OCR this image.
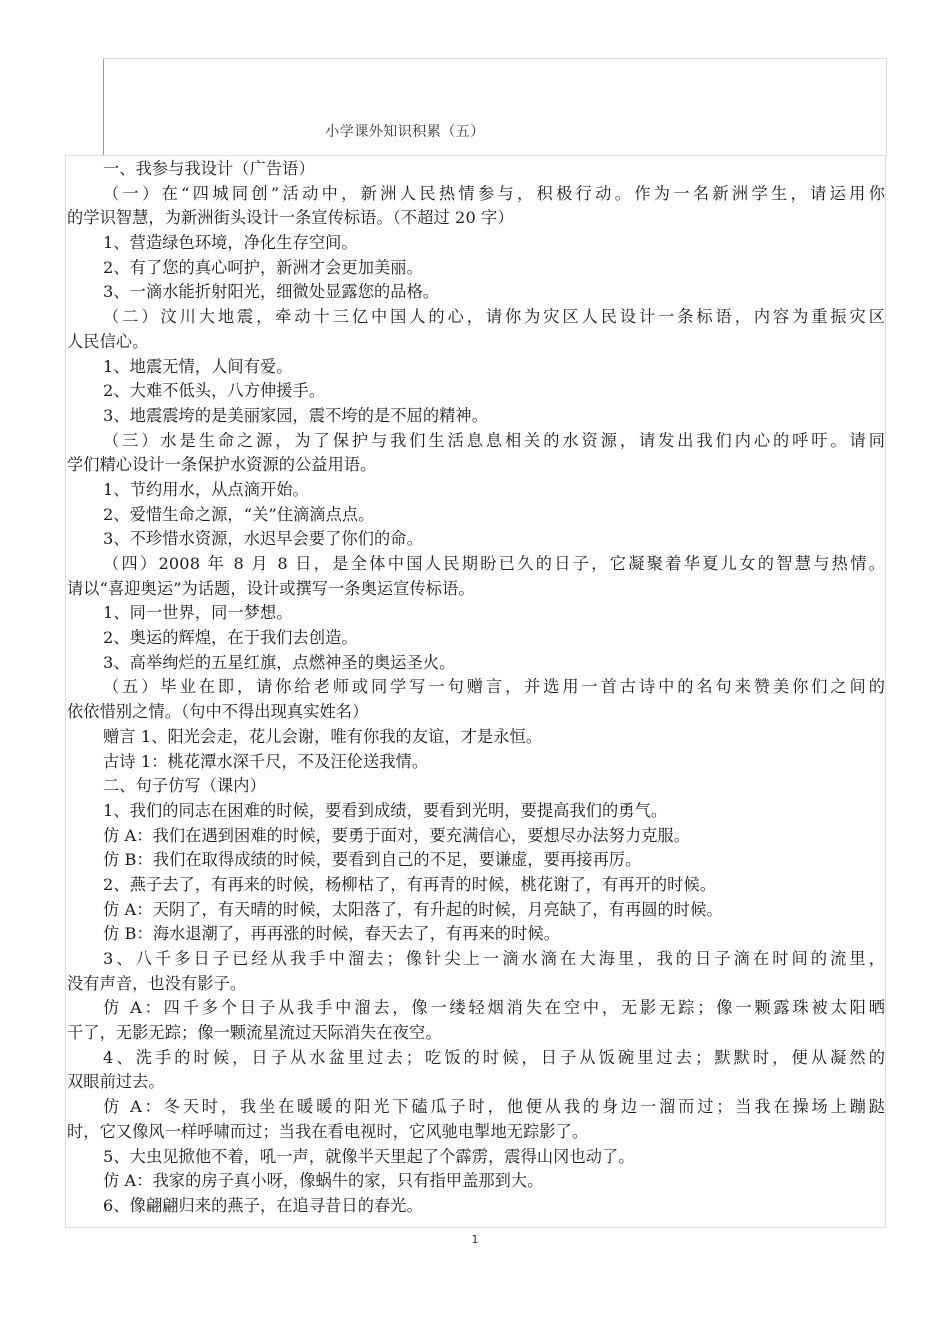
小学课外知识积累（五）
一、我参与我设计（广告语）
（一）在“四城同创”活动中，新洲人民热情参与，积极行动。作为一名新洲学生，请运用你
的学识智慧，为新洲街头设计一条宣传标语。（不超过 20 字）
1、营造绿色环境，净化生存空间。
2、有了您的真心呵护，新洲才会更加美丽。
3、一滴水能折射阳光，细微处显露您的品格。
（二）汶川大地震，牵动十三亿中国人的心，请你为灾区人民设计一条标语，内容为重振灾区
人民信心。
1、地震无情，人间有爱。
2、大难不低头，八方伸援手。
3、地震震垮的是美丽家园，震不垮的是不屈的精神。
（三）水是生命之源，为了保护与我们生活息息相关的水资源，请发出我们内心的呼吁。请同
学们精心设计一条保护水资源的公益用语。
1、节约用水，从点滴开始。
2、爱惜生命之源，“关”住滴滴点点。
3、不珍惜水资源，水迟早会要了你们的命。
（四）2008 年 8 月 8 日，是全体中国人民期盼已久的日子，它凝聚着华夏儿女的智慧与热情。
请以“喜迎奥运”为话题，设计或撰写一条奥运宣传标语。
1、同一世界，同一梦想。
2、奥运的辉煌，在于我们去创造。
3、高举绚烂的五星红旗，点燃神圣的奥运圣火。
（五）毕业在即，请你给老师或同学写一句赠言，并选用一首古诗中的名句来赞美你们之间的
依依惜别之情。（句中不得出现真实姓名）
赠言 1、阳光会走，花儿会谢，唯有你我的友谊，才是永恒。
古诗 1：桃花潭水深千尺，不及汪伦送我情。
二、句子仿写（课内）
1、我们的同志在困难的时候，要看到成绩，要看到光明，要提高我们的勇气。
仿 A：我们在遇到困难的时候，要勇于面对，要充满信心，要想尽办法努力克服。
仿 B：我们在取得成绩的时候，要看到自己的不足，要谦虚，要再接再厉。
2、燕子去了，有再来的时候，杨柳枯了，有再青的时候，桃花谢了，有再开的时候。
仿 A：天阴了，有天晴的时候，太阳落了，有升起的时候，月亮缺了，有再圆的时候。
仿 B：海水退潮了，再再涨的时候，春天去了，有再来的时候。
3、八千多日子已经从我手中溜去；像针尖上一滴水滴在大海里，我的日子滴在时间的流里，
没有声音，也没有影子。
仿 A：四千多个日子从我手中溜去，像一缕轻烟消失在空中，无影无踪；像一颗露珠被太阳晒
干了，无影无踪；像一颗流星流过天际消失在夜空。
4、洗手的时候，日子从水盆里过去；吃饭的时候，日子从饭碗里过去；默默时，便从凝然的
双眼前过去。
仿 A：冬天时，我坐在暖暖的阳光下磕瓜子时，他便从我的身边一溜而过；当我在操场上蹦跶
时，它又像风一样呼啸而过；当我在看电视时，它风驰电掣地无踪影了。
5、大虫见掀他不着，吼一声，就像半天里起了个霹雳，震得山冈也动了。
仿 A：我家的房子真小呀，像蜗牛的家，只有指甲盖那到大。
6、像翩翩归来的燕子，在追寻昔日的春光。
1
